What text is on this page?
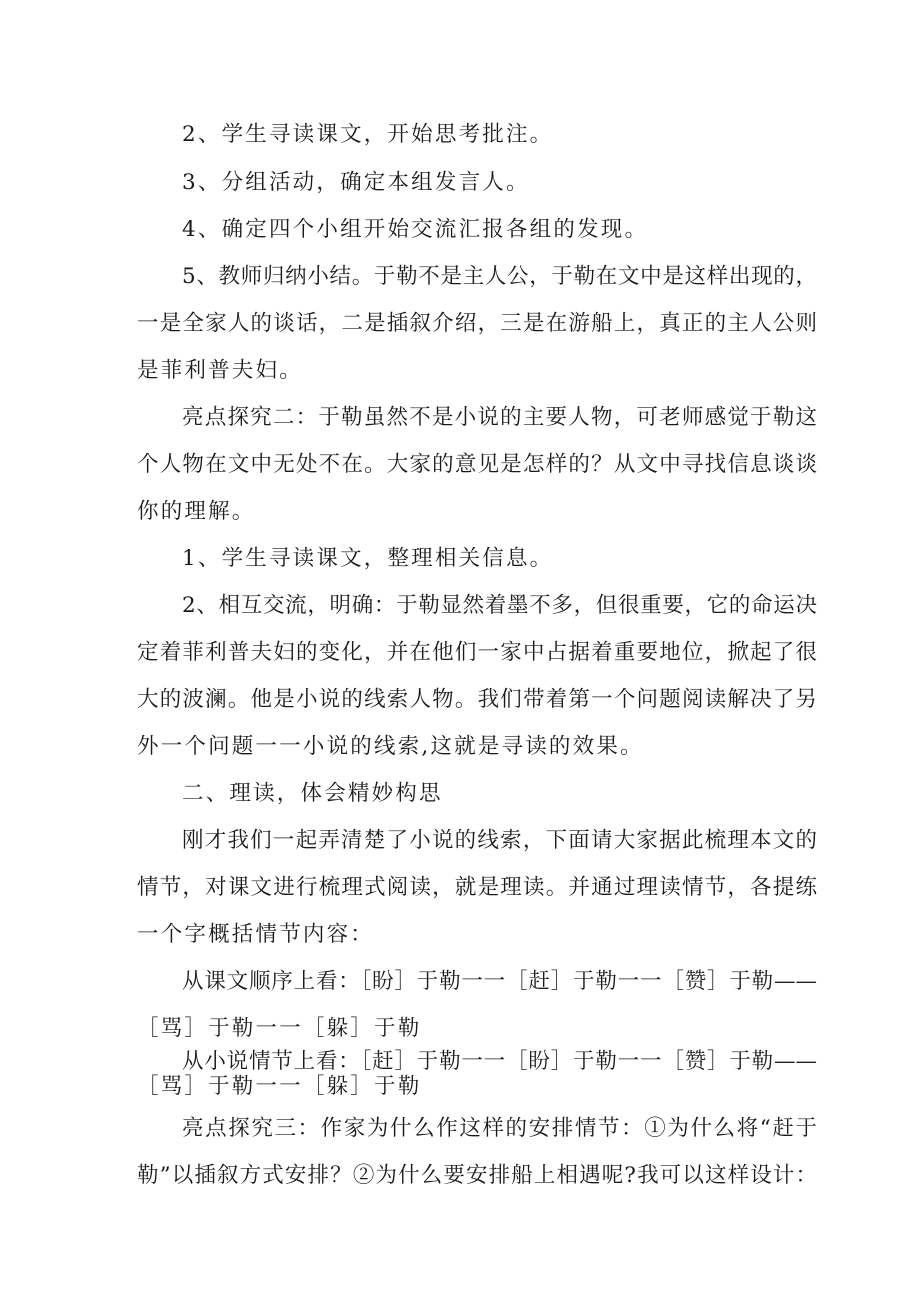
2、学生寻读课文，开始思考批注。
3、分组活动，确定本组发言人。
4、确定四个小组开始交流汇报各组的发现。
5、教师归纳小结。于勒不是主人公，于勒在文中是这样出现的，
一是全家人的谈话，二是插叙介绍，三是在游船上，真正的主人公则
是菲利普夫妇。
亮点探究二：于勒虽然不是小说的主要人物，可老师感觉于勒这
个人物在文中无处不在。大家的意见是怎样的？从文中寻找信息谈谈
你的理解。
1、学生寻读课文，整理相关信息。
2、相互交流，明确：于勒显然着墨不多，但很重要，它的命运决
定着菲利普夫妇的变化，并在他们一家中占据着重要地位，掀起了很
大的波澜。他是小说的线索人物。我们带着第一个问题阅读解决了另
外一个问题一一小说的线索,这就是寻读的效果。
二、理读，体会精妙构思
刚才我们一起弄清楚了小说的线索，下面请大家据此梳理本文的
情节，对课文进行梳理式阅读，就是理读。并通过理读情节，各提练
一个字概括情节内容：
从课文顺序上看：［盼］于勒一一［赶］于勒一一［赞］于勒——
［骂］于勒一一［躲］于勒
从小说情节上看：［赶］于勒一一［盼］于勒一一［赞］于勒——
［骂］于勒一一［躲］于勒
亮点探究三：作家为什么作这样的安排情节：①为什么将“赶于
勒”以插叙方式安排？②为什么要安排船上相遇呢?我可以这样设计：
